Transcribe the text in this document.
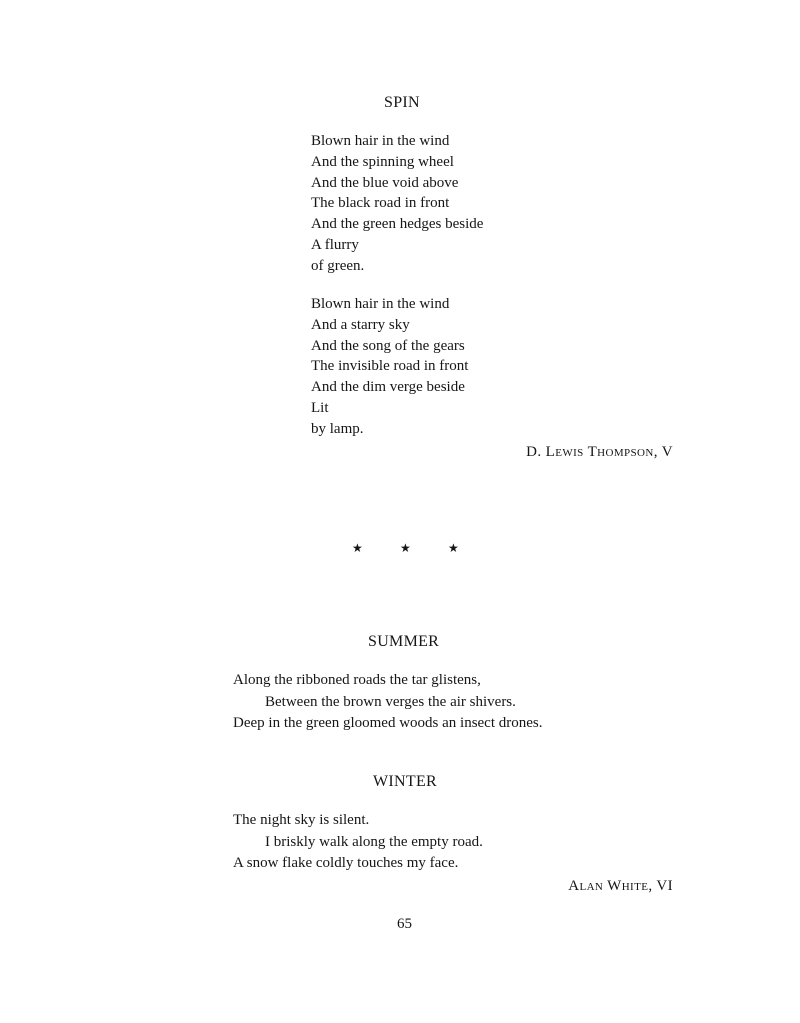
SPIN
Blown hair in the wind
And the spinning wheel
And the blue void above
The black road in front
And the green hedges beside
A flurry
of green.
Blown hair in the wind
And a starry sky
And the song of the gears
The invisible road in front
And the dim verge beside
Lit
by lamp.

D. Lewis Thompson, V

★	★	★
SUMMER
Along the ribboned roads the tar glistens,
Between the brown verges the air shivers.
Deep in the green gloomed woods an insect drones.
WINTER
The night sky is silent.
I briskly walk along the empty road.
A snow flake coldly touches my face.

Alan White, VI

65
